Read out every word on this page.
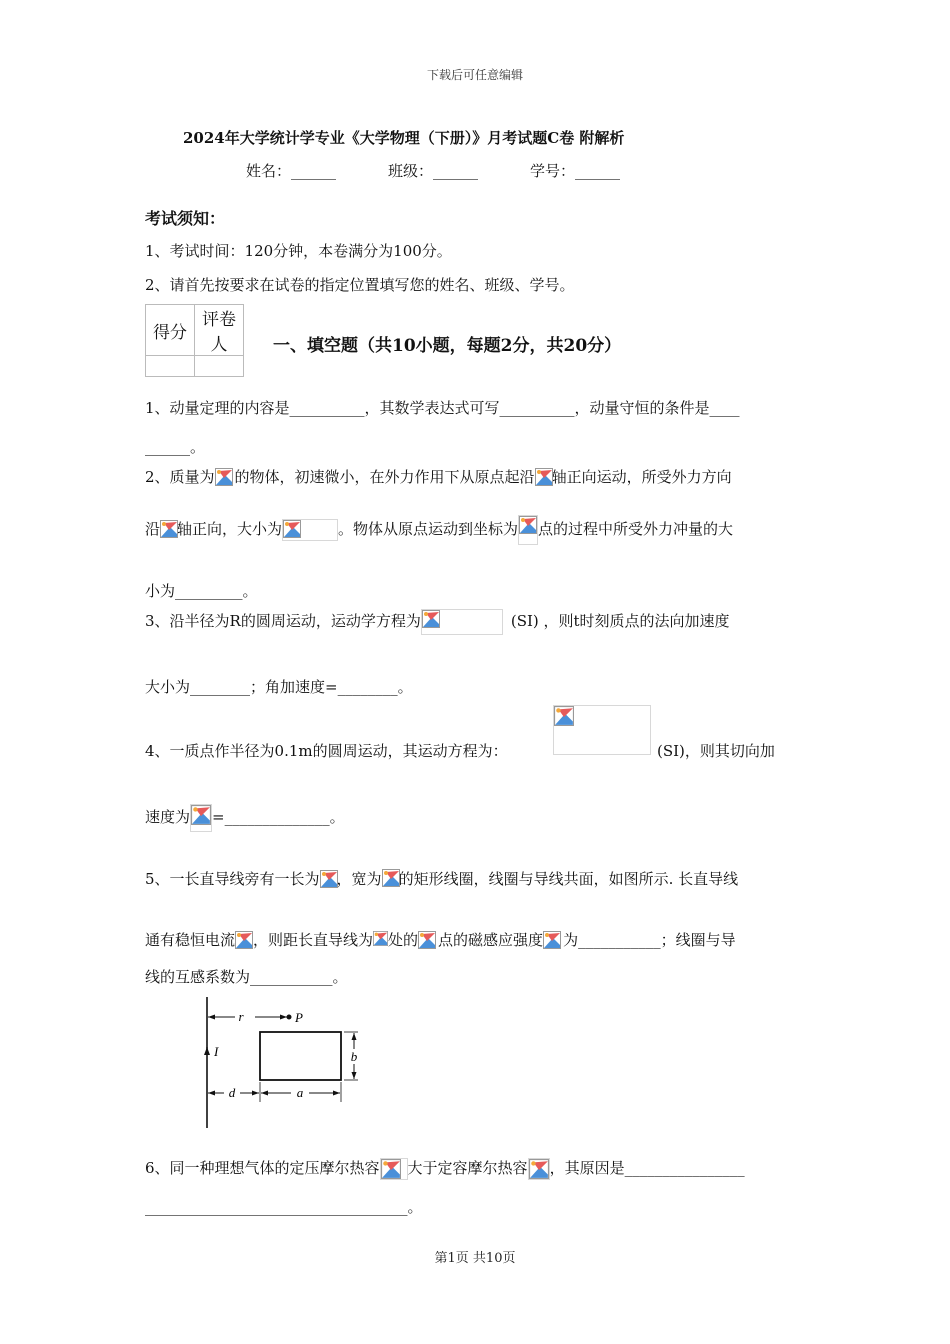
下载后可任意编辑
2024年大学统计学专业《大学物理（下册）》月考试题C卷 附解析
姓名：______	班级：______	学号：______
考试须知：
1、考试时间：120分钟，本卷满分为100分。
2、请首先按要求在试卷的指定位置填写您的姓名、班级、学号。
得分	评卷人
		一、填空题（共10小题，每题2分，共20分）
1、动量定理的内容是__________，其数学表达式可写__________，动量守恒的条件是____
______。
2、质量为 的物体，初速微小，在外力作用下从原点起沿 轴正向运动，所受外力方向
沿 轴正向，大小为	。物体从原点运动到坐标为 点的过程中所受外力冲量的大
小为_________。
3、沿半径为R的圆周运动，运动学方程为	(SI) ，则t时刻质点的法向加速度
大小为________；角加速度=________。
4、一质点作半径为0.1m的圆周运动，其运动方程为：	(SI)，则其切向加
速度为 =______________。
5、一长直导线旁有一长为 ，宽为 的矩形线圈，线圈与导线共面，如图所示. 长直导线
通有稳恒电流 ，则距长直导线为 处的 点的磁感应强度 为___________；线圈与导
线的互感系数为___________。
r	P
I	b
d	a
6、同一种理想气体的定压摩尔热容 大于定容摩尔热容 ，其原因是________________
___________________________________。
第1页 共10页
